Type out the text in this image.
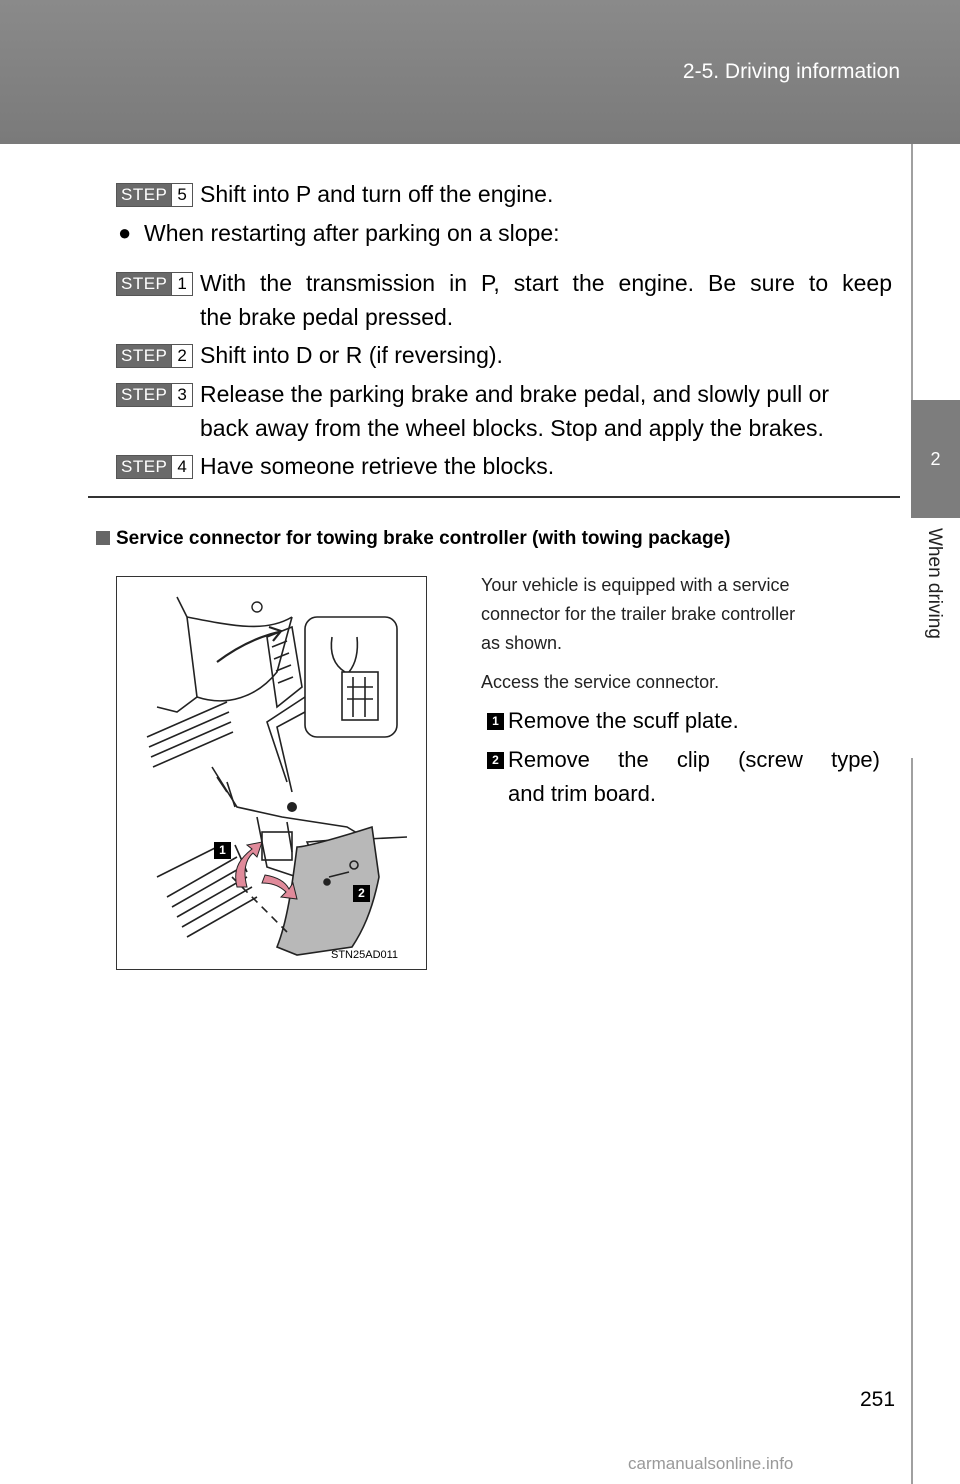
2-5. Driving information
2
When driving
STEP 5 Shift into P and turn off the engine.
● When restarting after parking on a slope:
STEP 1 With the transmission in P, start the engine. Be sure to keep
the brake pedal pressed.
STEP 2 Shift into D or R (if reversing).
STEP 3 Release the parking brake and brake pedal, and slowly pull or
back away from the wheel blocks. Stop and apply the brakes.
STEP 4 Have someone retrieve the blocks.
Service connector for towing brake controller (with towing package)
1
2
STN25AD011
Your vehicle is equipped with a service
connector for the trailer brake controller
as shown.
Access the service connector.
1 Remove the scuff plate.
2 Remove the clip (screw type)
and trim board.
251
carmanualsonline.info
